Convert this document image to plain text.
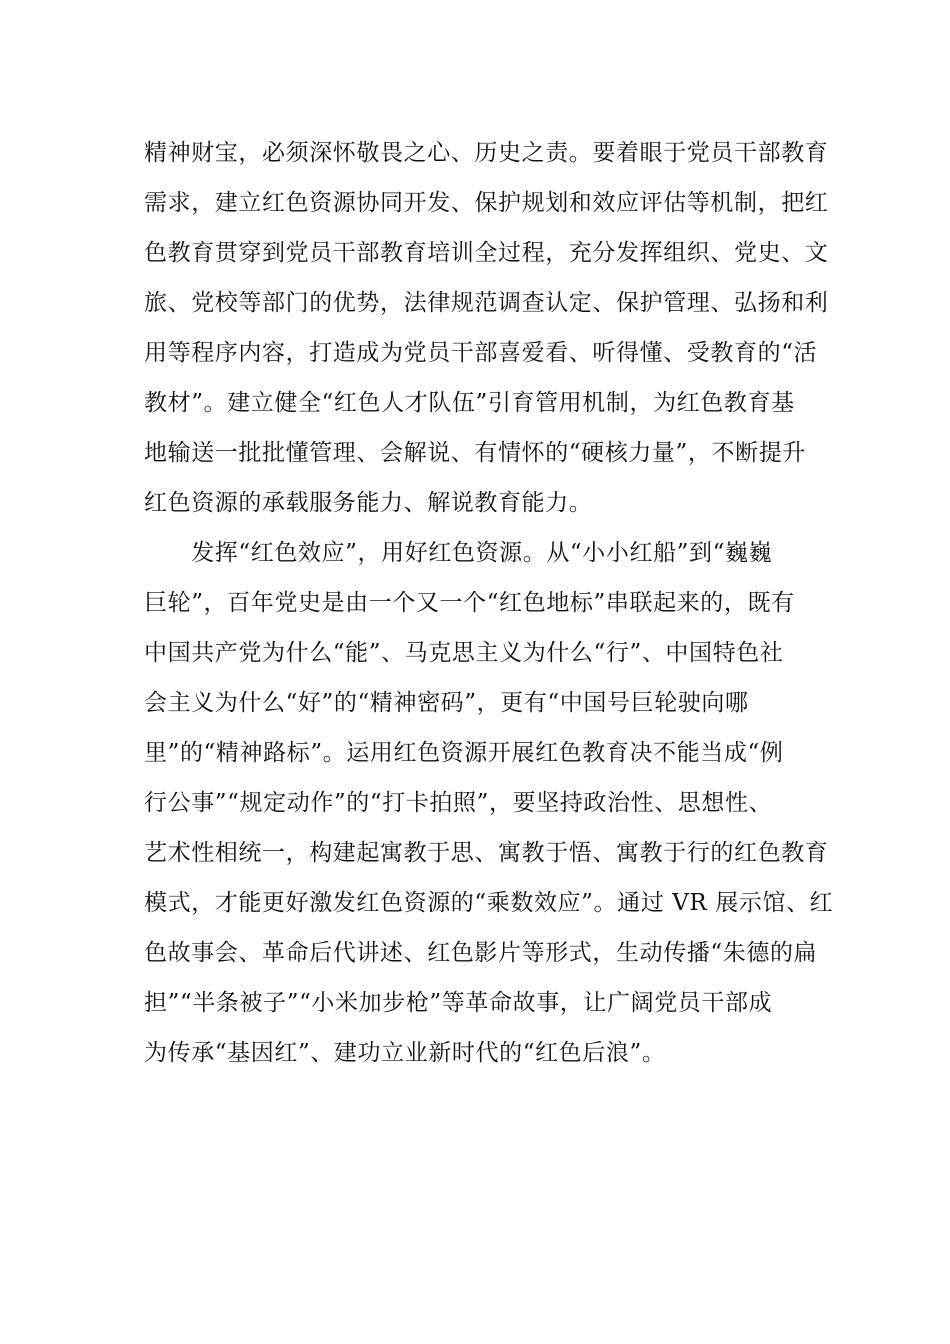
精神财宝，必须深怀敬畏之心、历史之责。要着眼于党员干部教育
需求，建立红色资源协同开发、保护规划和效应评估等机制，把红
色教育贯穿到党员干部教育培训全过程，充分发挥组织、党史、文
旅、党校等部门的优势，法律规范调查认定、保护管理、弘扬和利
用等程序内容，打造成为党员干部喜爱看、听得懂、受教育的“活
教材”。建立健全“红色人才队伍”引育管用机制，为红色教育基
地输送一批批懂管理、会解说、有情怀的“硬核力量”，不断提升
红色资源的承载服务能力、解说教育能力。
　　发挥“红色效应”，用好红色资源。从“小小红船”到“巍巍
巨轮”，百年党史是由一个又一个“红色地标”串联起来的，既有
中国共产党为什么“能”、马克思主义为什么“行”、中国特色社
会主义为什么“好”的“精神密码”，更有“中国号巨轮驶向哪
里”的“精神路标”。运用红色资源开展红色教育决不能当成“例
行公事”“规定动作”的“打卡拍照”，要坚持政治性、思想性、
艺术性相统一，构建起寓教于思、寓教于悟、寓教于行的红色教育
模式，才能更好激发红色资源的“乘数效应”。通过 VR 展示馆、红
色故事会、革命后代讲述、红色影片等形式，生动传播“朱德的扁
担”“半条被子”“小米加步枪”等革命故事，让广阔党员干部成
为传承“基因红”、建功立业新时代的“红色后浪”。
